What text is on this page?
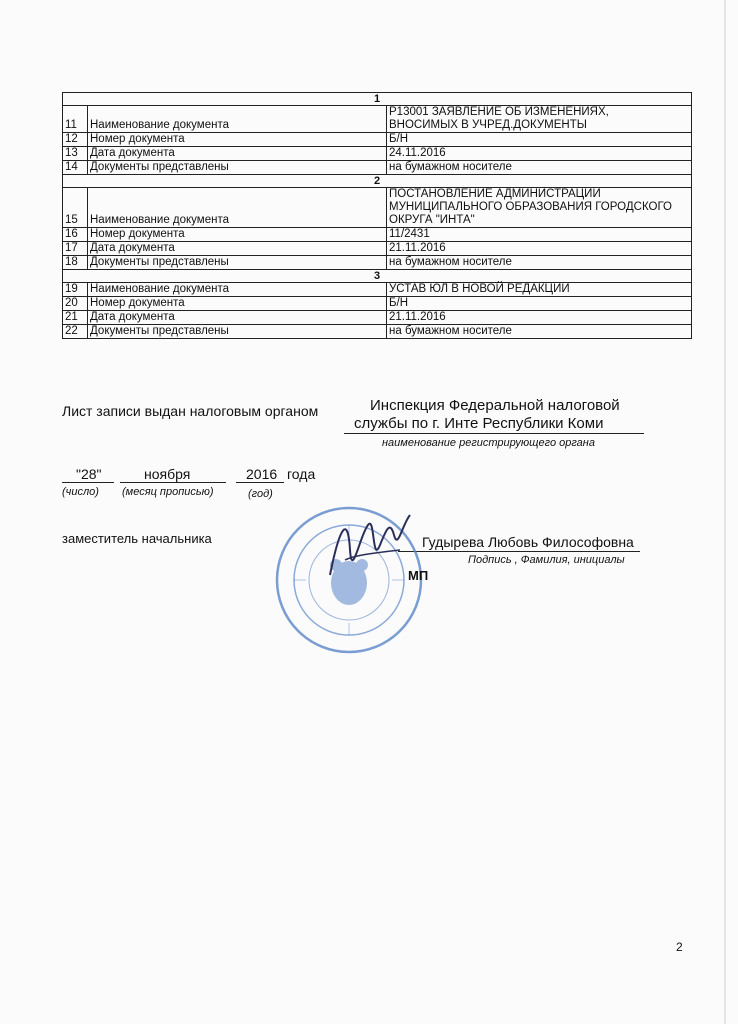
1		
11	Наименование документа	Р13001 ЗАЯВЛЕНИЕ ОБ ИЗМЕНЕНИЯХ,
ВНОСИМЫХ В УЧРЕД.ДОКУМЕНТЫ

12	Номер документа	Б/Н

13	Дата документа	24.11.2016

14	Документы представлены	на бумажном носителе

2		
15	Наименование документа	ПОСТАНОВЛЕНИЕ АДМИНИСТРАЦИИ
МУНИЦИПАЛЬНОГО ОБРАЗОВАНИЯ ГОРОДСКОГО
ОКРУГА "ИНТА"

16	Номер документа	11/2431

17	Дата документа	21.11.2016

18	Документы представлены	на бумажном носителе

3		
19	Наименование документа	УСТАВ ЮЛ В НОВОЙ РЕДАКЦИИ

20	Номер документа	Б/Н

21	Дата документа	21.11.2016

22	Документы представлены	на бумажном носителе
Лист записи выдан налоговым органом	Инспекция Федеральной налоговой
службы по г. Инте Республики Коми
наименование регистрирующего органа
"28"	ноября	2016 года
(число) (месяц прописью)	(год)
заместитель начальника	Гудырева Любовь Философовна
Подпись , Фамилия, инициалы
МП
2
